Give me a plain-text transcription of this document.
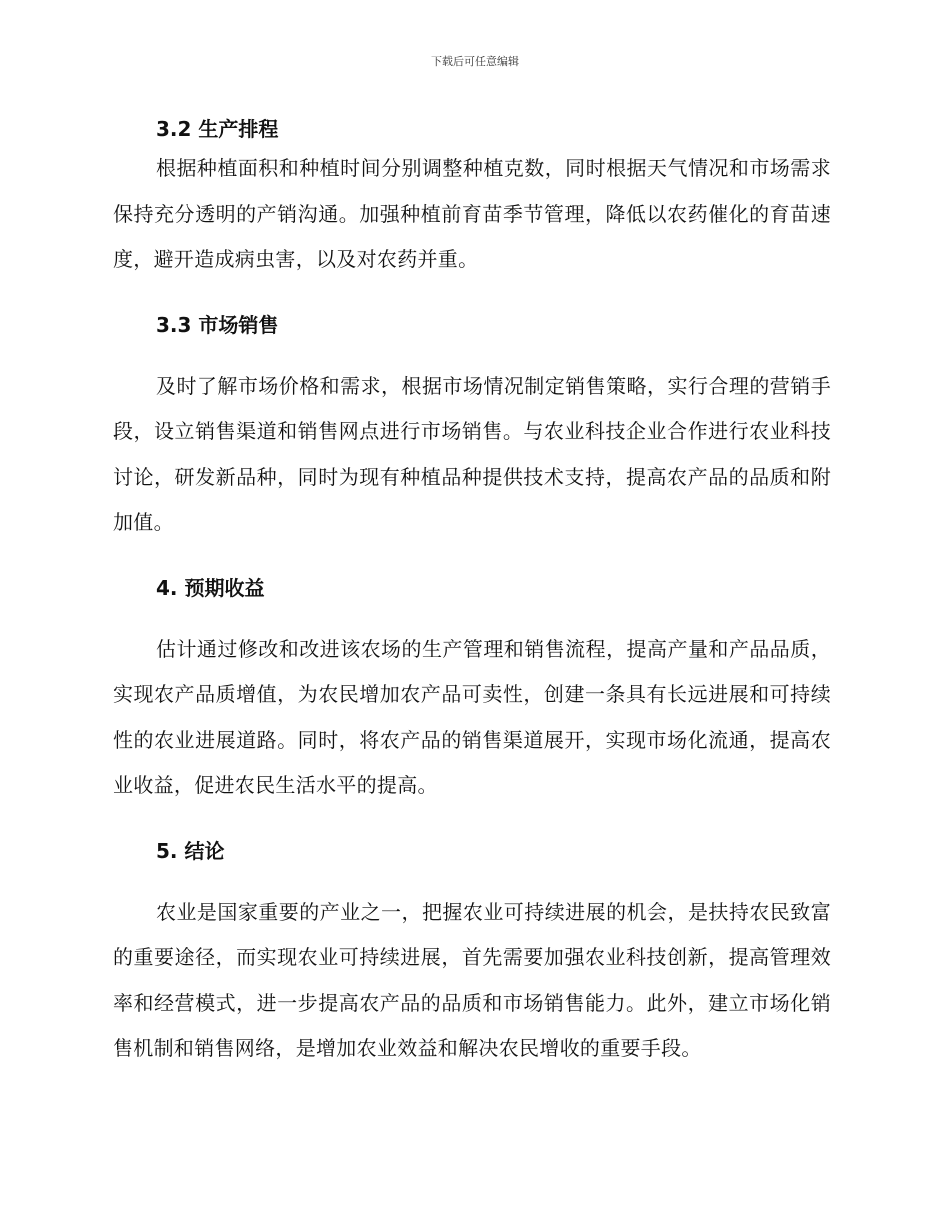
下载后可任意编辑
3.2 生产排程

根据种植面积和种植时间分别调整种植克数，同时根据天气情况和市场需求保持充分透明的产销沟通。加强种植前育苗季节管理，降低以农药催化的育苗速度，避开造成病虫害，以及对农药并重。

3.3 市场销售

及时了解市场价格和需求，根据市场情况制定销售策略，实行合理的营销手段，设立销售渠道和销售网点进行市场销售。与农业科技企业合作进行农业科技讨论，研发新品种，同时为现有种植品种提供技术支持，提高农产品的品质和附加值。

4. 预期收益

估计通过修改和改进该农场的生产管理和销售流程，提高产量和产品品质，实现农产品质增值，为农民增加农产品可卖性，创建一条具有长远进展和可持续性的农业进展道路。同时，将农产品的销售渠道展开，实现市场化流通，提高农业收益，促进农民生活水平的提高。

5. 结论

农业是国家重要的产业之一，把握农业可持续进展的机会，是扶持农民致富的重要途径，而实现农业可持续进展，首先需要加强农业科技创新，提高管理效率和经营模式，进一步提高农产品的品质和市场销售能力。此外，建立市场化销售机制和销售网络，是增加农业效益和解决农民增收的重要手段。
